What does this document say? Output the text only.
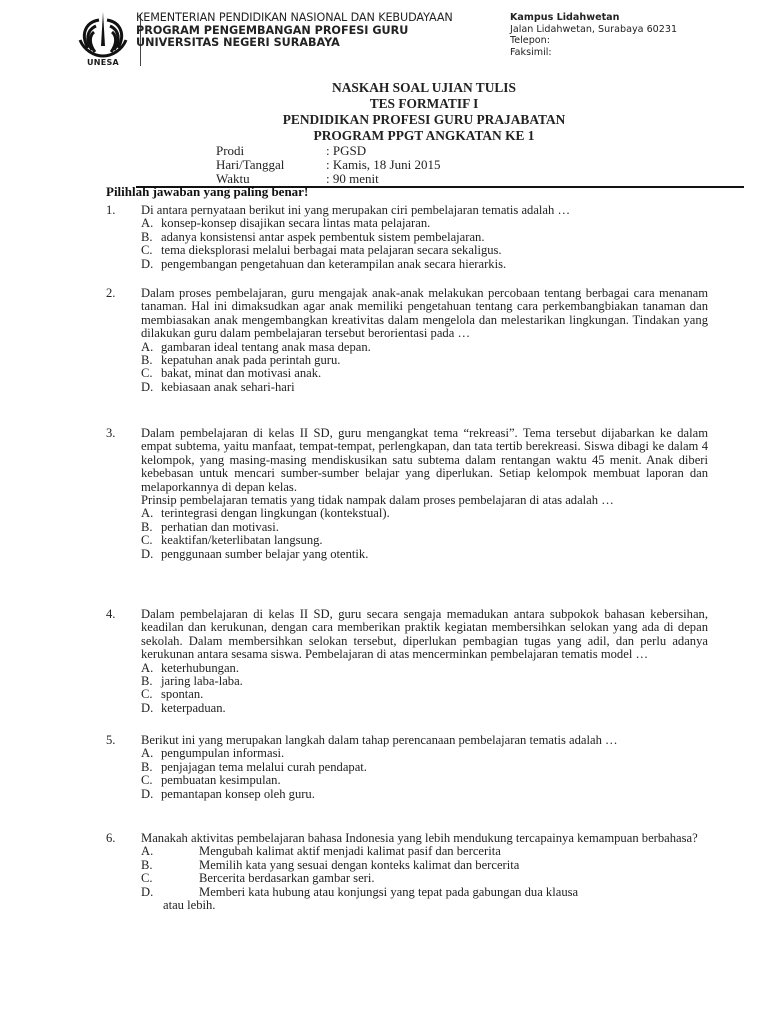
UNESA
KEMENTERIAN PENDIDIKAN NASIONAL DAN KEBUDAYAAN
PROGRAM PENGEMBANGAN PROFESI GURU
UNIVERSITAS NEGERI SURABAYA
Kampus Lidahwetan
Jalan Lidahwetan, Surabaya 60231
Telepon:
Faksimil:
NASKAH SOAL UJIAN TULIS
TES FORMATIF I
PENDIDIKAN PROFESI GURU PRAJABATAN
PROGRAM PPGT ANGKATAN KE 1
Prodi	: PGSD
Hari/Tanggal	: Kamis, 18 Juni 2015
Waktu	: 90 menit
Pilihlah jawaban yang paling benar!
1.	Di antara pernyataan berikut ini yang merupakan ciri pembelajaran tematis adalah …
A. konsep-konsep disajikan secara lintas mata pelajaran.
B. adanya konsistensi antar aspek pembentuk sistem pembelajaran.
C. tema dieksplorasi melalui berbagai mata pelajaran secara sekaligus.
D. pengembangan pengetahuan dan keterampilan anak secara hierarkis.
2.	Dalam proses pembelajaran, guru mengajak anak-anak melakukan percobaan tentang berbagai cara menanam tanaman. Hal ini dimaksudkan agar anak memiliki pengetahuan tentang cara perkembangbiakan tanaman dan membiasakan anak mengembangkan kreativitas dalam mengelola dan melestarikan lingkungan. Tindakan yang dilakukan guru dalam pembelajaran tersebut berorientasi pada …
A. gambaran ideal tentang anak masa depan.
B. kepatuhan anak pada perintah guru.
C. bakat, minat dan motivasi anak.
D. kebiasaan anak sehari-hari
3.	Dalam pembelajaran di kelas II SD, guru mengangkat tema “rekreasi”. Tema tersebut dijabarkan ke dalam empat subtema, yaitu manfaat, tempat-tempat, perlengkapan, dan tata tertib berekreasi. Siswa dibagi ke dalam 4 kelompok, yang masing-masing mendiskusikan satu subtema dalam rentangan waktu 45 menit. Anak diberi kebebasan untuk mencari sumber-sumber belajar yang diperlukan. Setiap kelompok membuat laporan dan melaporkannya di depan kelas.
Prinsip pembelajaran tematis yang tidak nampak dalam proses pembelajaran di atas adalah …
A. terintegrasi dengan lingkungan (kontekstual).
B. perhatian dan motivasi.
C. keaktifan/keterlibatan langsung.
D. penggunaan sumber belajar yang otentik.
4.	Dalam pembelajaran di kelas II SD, guru secara sengaja memadukan antara subpokok bahasan kebersihan, keadilan dan kerukunan, dengan cara memberikan praktik kegiatan membersihkan selokan yang ada di depan sekolah. Dalam membersihkan selokan tersebut, diperlukan pembagian tugas yang adil, dan perlu adanya kerukunan antara sesama siswa. Pembelajaran di atas mencerminkan pembelajaran tematis model …
A. keterhubungan.
B. jaring laba-laba.
C. spontan.
D. keterpaduan.
5.	Berikut ini yang merupakan langkah dalam tahap perencanaan pembelajaran tematis adalah …
A. pengumpulan informasi.
B. penjajagan tema melalui curah pendapat.
C. pembuatan kesimpulan.
D. pemantapan konsep oleh guru.
6.	Manakah aktivitas pembelajaran bahasa Indonesia yang lebih mendukung tercapainya kemampuan berbahasa?
A.	Mengubah kalimat aktif menjadi kalimat pasif dan bercerita
B.	Memilih kata yang sesuai dengan konteks kalimat dan bercerita
C.	Bercerita berdasarkan gambar seri.
D.	Memberi kata hubung atau konjungsi yang tepat pada gabungan dua klausa
atau lebih.
